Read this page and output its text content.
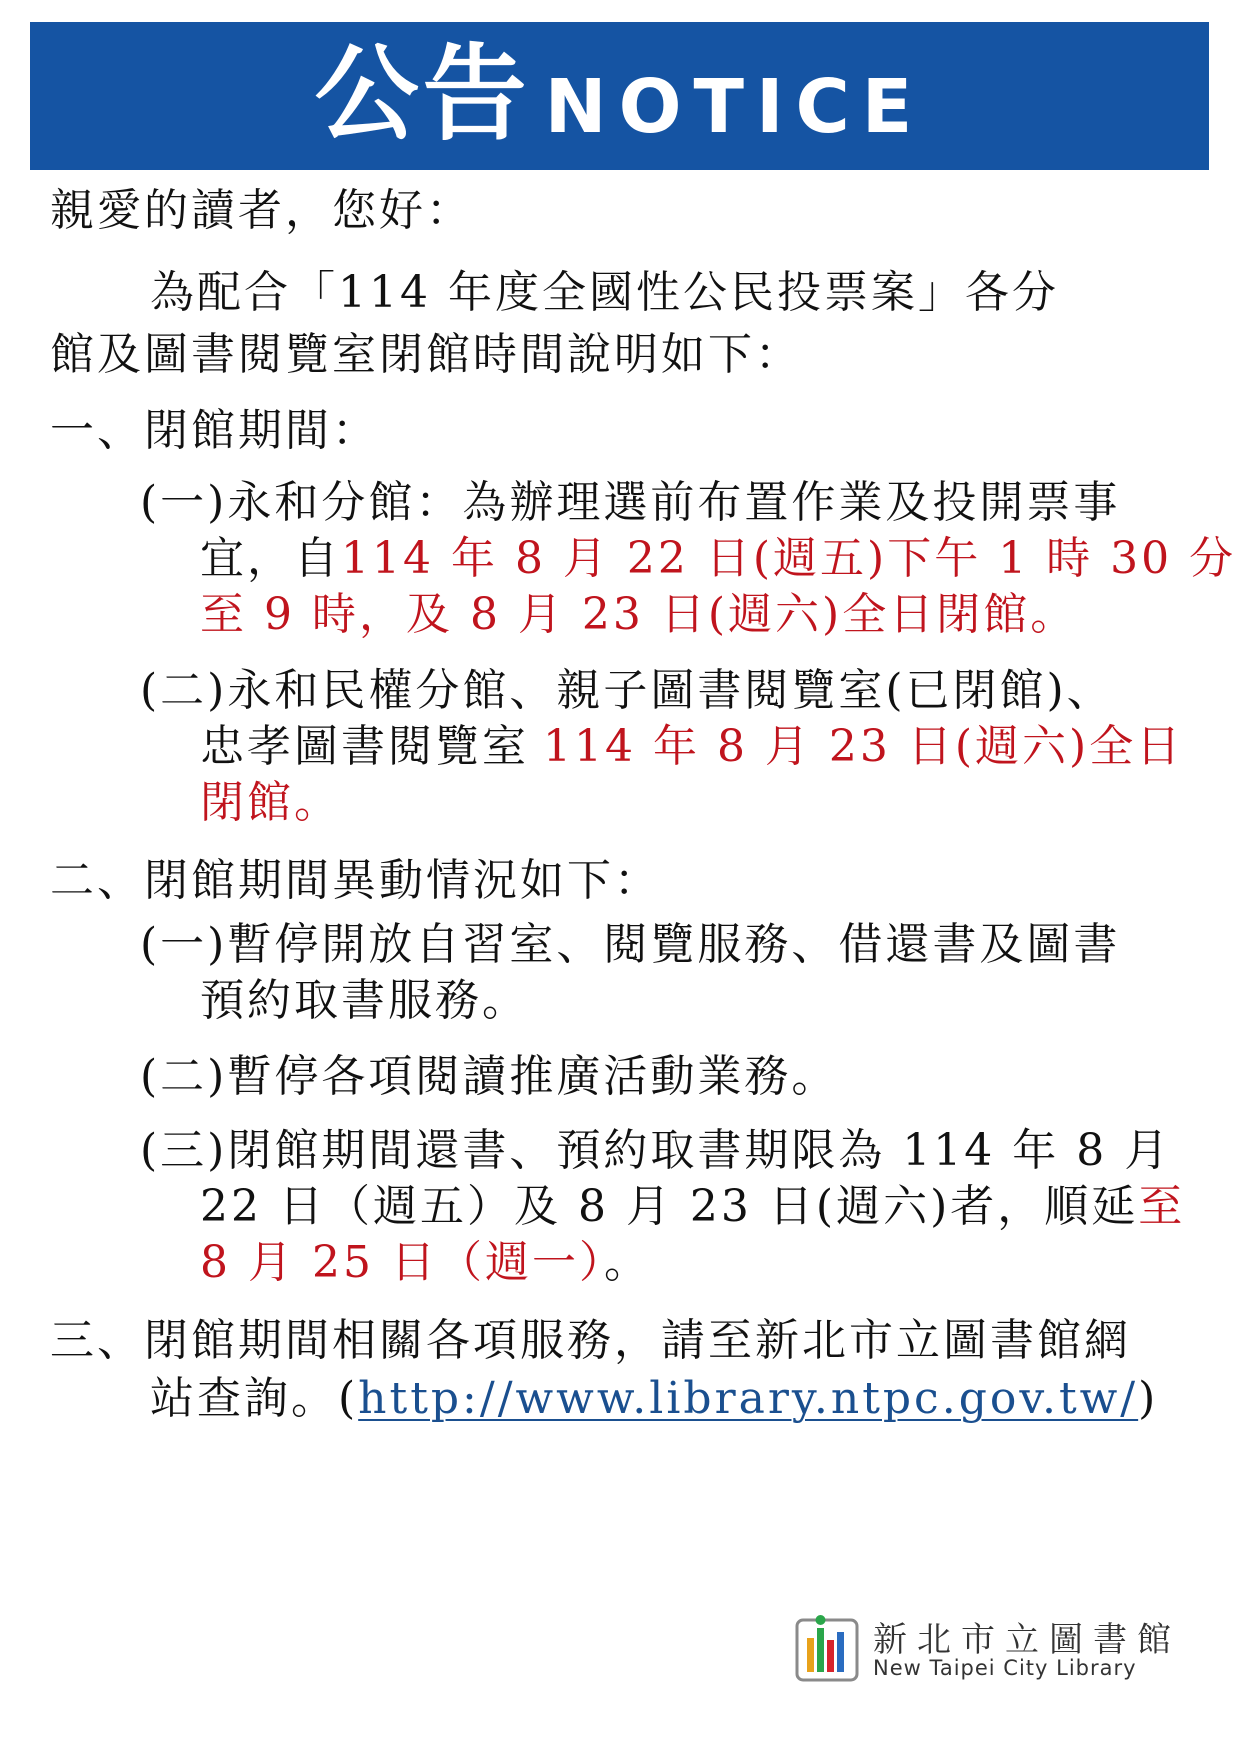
公告 NOTICE
親愛的讀者，您好：
為配合「114 年度全國性公民投票案」各分
館及圖書閱覽室閉館時間說明如下：
一、閉館期間：
(一)永和分館：為辦理選前布置作業及投開票事
宜，自114 年 8 月 22 日(週五)下午 1 時 30 分
至 9 時，及 8 月 23 日(週六)全日閉館。
(二)永和民權分館、親子圖書閱覽室(已閉館)、
忠孝圖書閱覽室 114 年 8 月 23 日(週六)全日
閉館。
二、閉館期間異動情況如下：
(一)暫停開放自習室、閱覽服務、借還書及圖書
預約取書服務。
(二)暫停各項閱讀推廣活動業務。
(三)閉館期間還書、預約取書期限為 114 年 8 月
22 日（週五）及 8 月 23 日(週六)者，順延至
8 月 25 日（週一）。
三、閉館期間相關各項服務，請至新北市立圖書館網
站查詢。(http://www.library.ntpc.gov.tw/)
新北市立圖書館
New Taipei City Library
